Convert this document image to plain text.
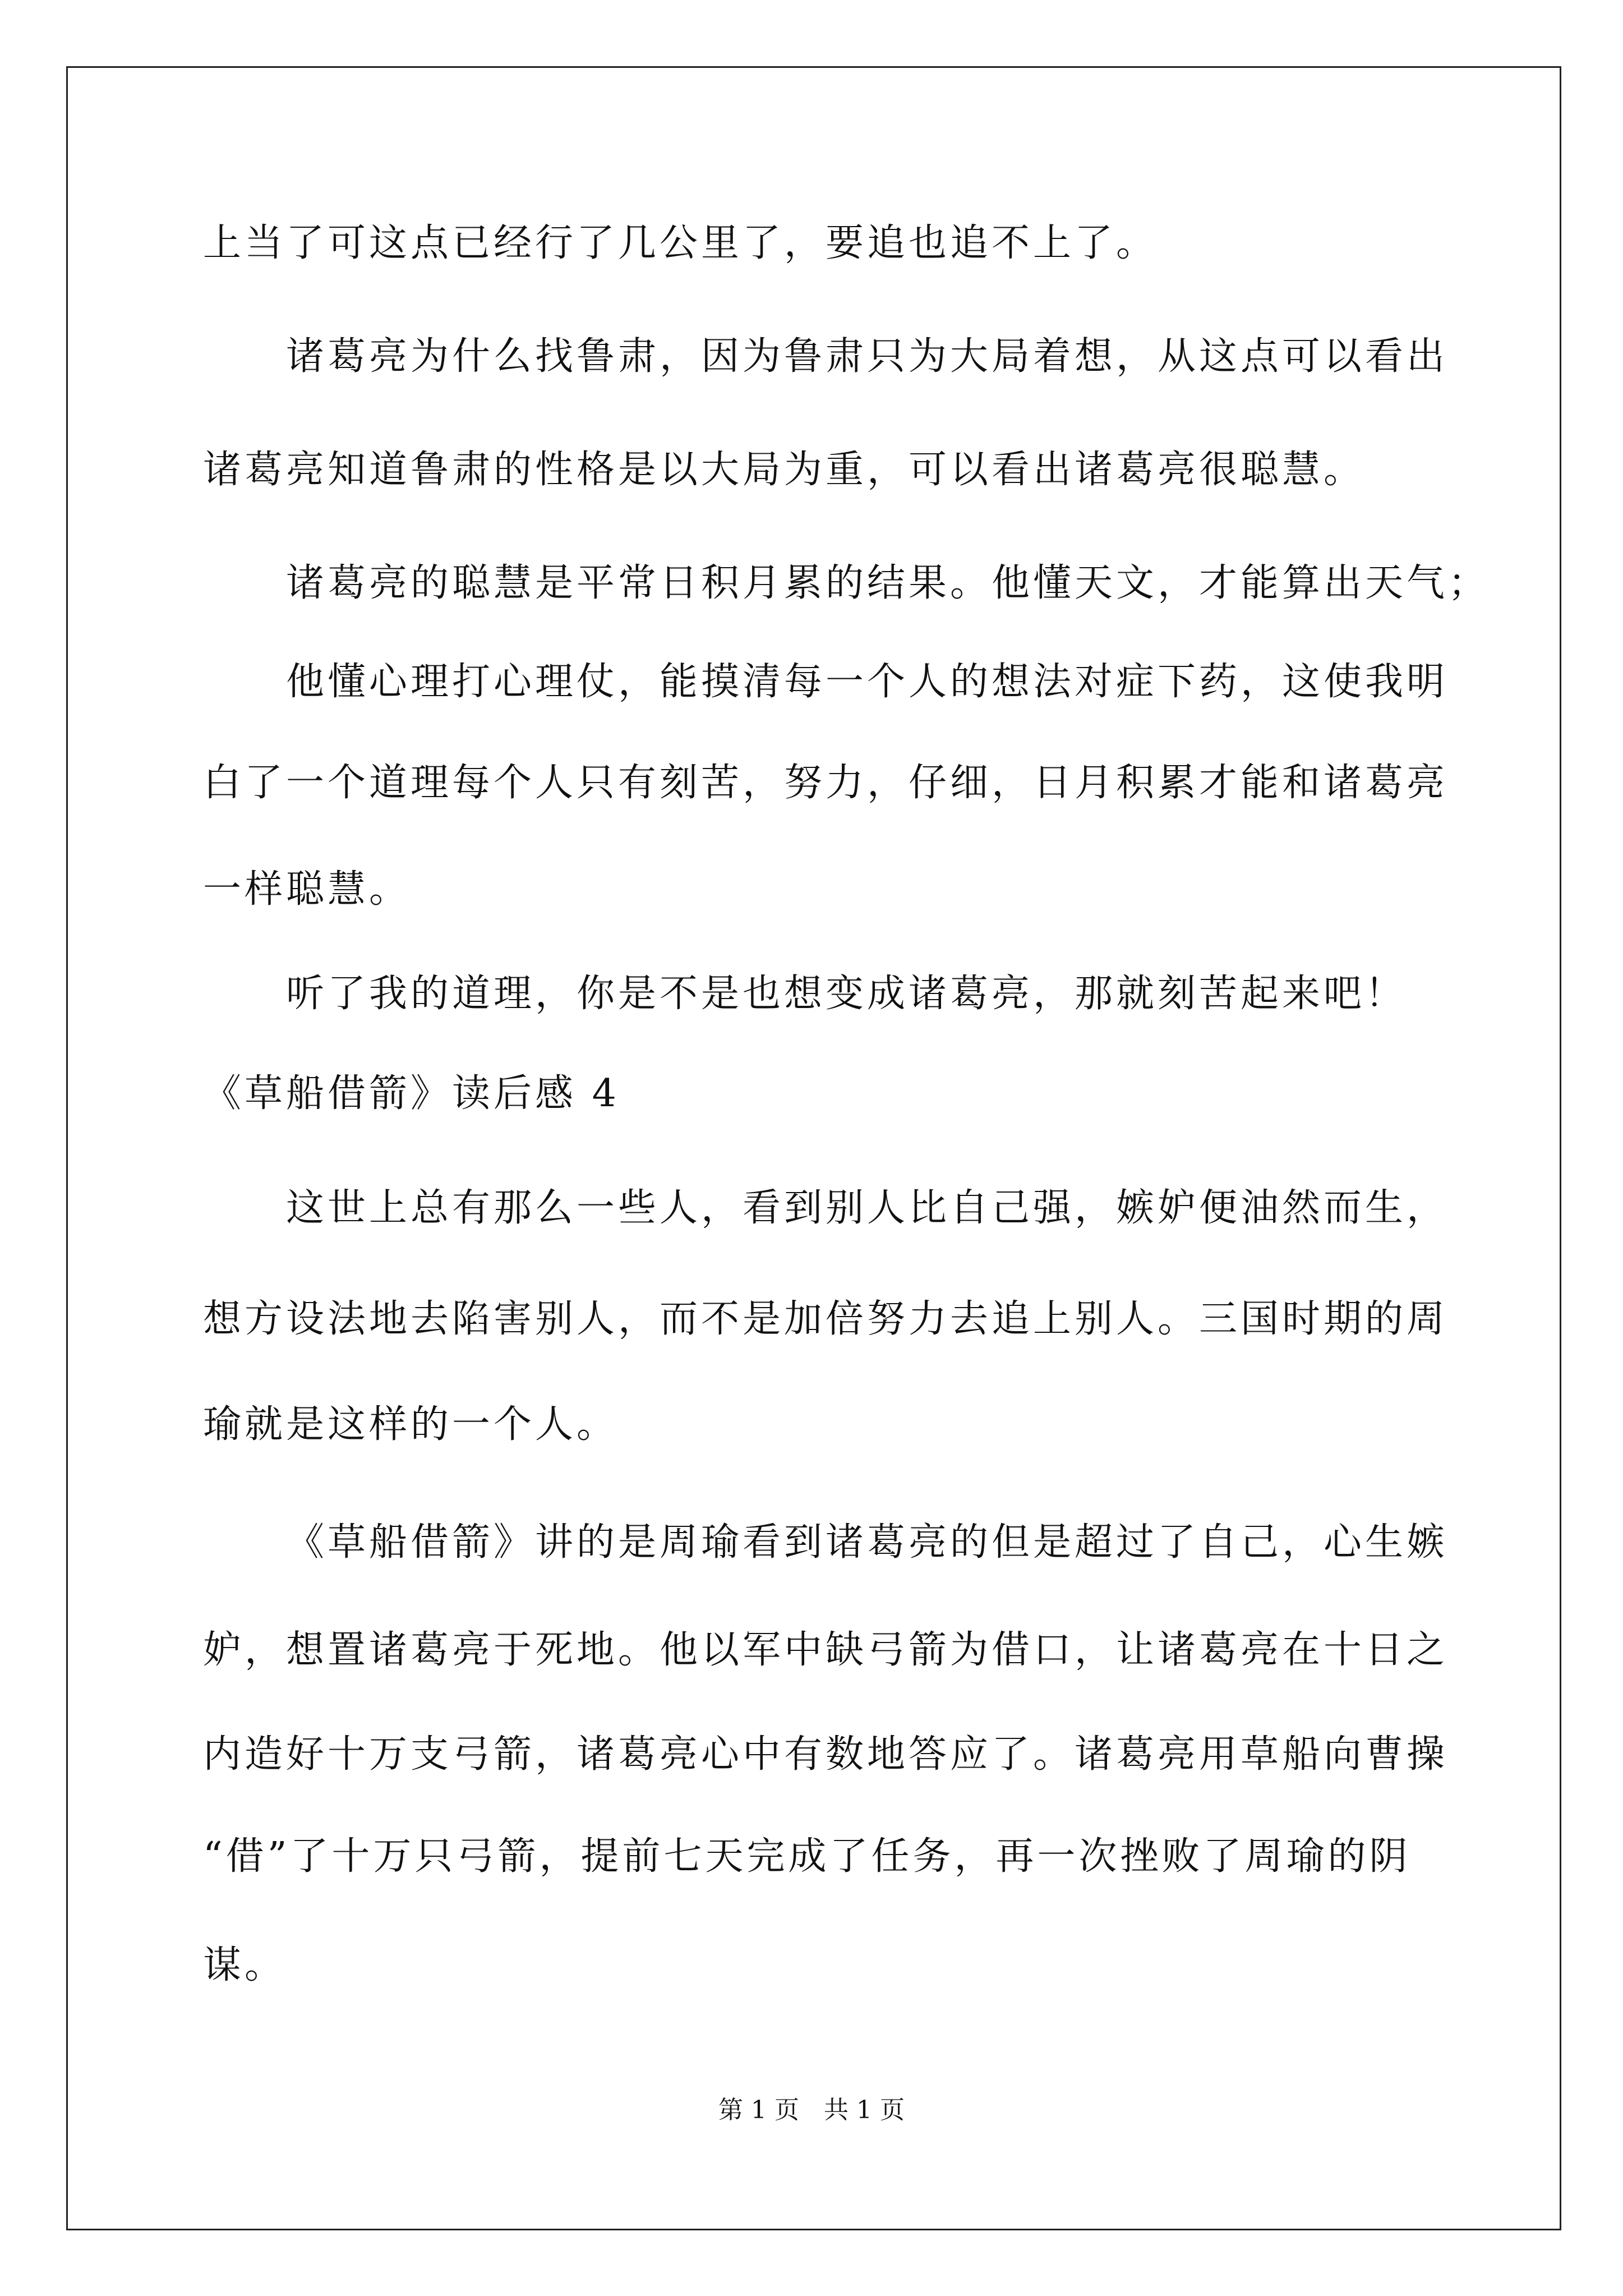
上当了可这点已经行了几公里了，要追也追不上了。
诸葛亮为什么找鲁肃，因为鲁肃只为大局着想，从这点可以看出
诸葛亮知道鲁肃的性格是以大局为重，可以看出诸葛亮很聪慧。
诸葛亮的聪慧是平常日积月累的结果。他懂天文，才能算出天气；
他懂心理打心理仗，能摸清每一个人的想法对症下药，这使我明
白了一个道理每个人只有刻苦，努力，仔细，日月积累才能和诸葛亮
一样聪慧。
听了我的道理，你是不是也想变成诸葛亮，那就刻苦起来吧！
《草船借箭》读后感 4
这世上总有那么一些人，看到别人比自己强，嫉妒便油然而生，
想方设法地去陷害别人，而不是加倍努力去追上别人。三国时期的周
瑜就是这样的一个人。
《草船借箭》讲的是周瑜看到诸葛亮的但是超过了自己，心生嫉
妒，想置诸葛亮于死地。他以军中缺弓箭为借口，让诸葛亮在十日之
内造好十万支弓箭，诸葛亮心中有数地答应了。诸葛亮用草船向曹操
“借”了十万只弓箭，提前七天完成了任务，再一次挫败了周瑜的阴
谋。
第 1 页 共 1 页
